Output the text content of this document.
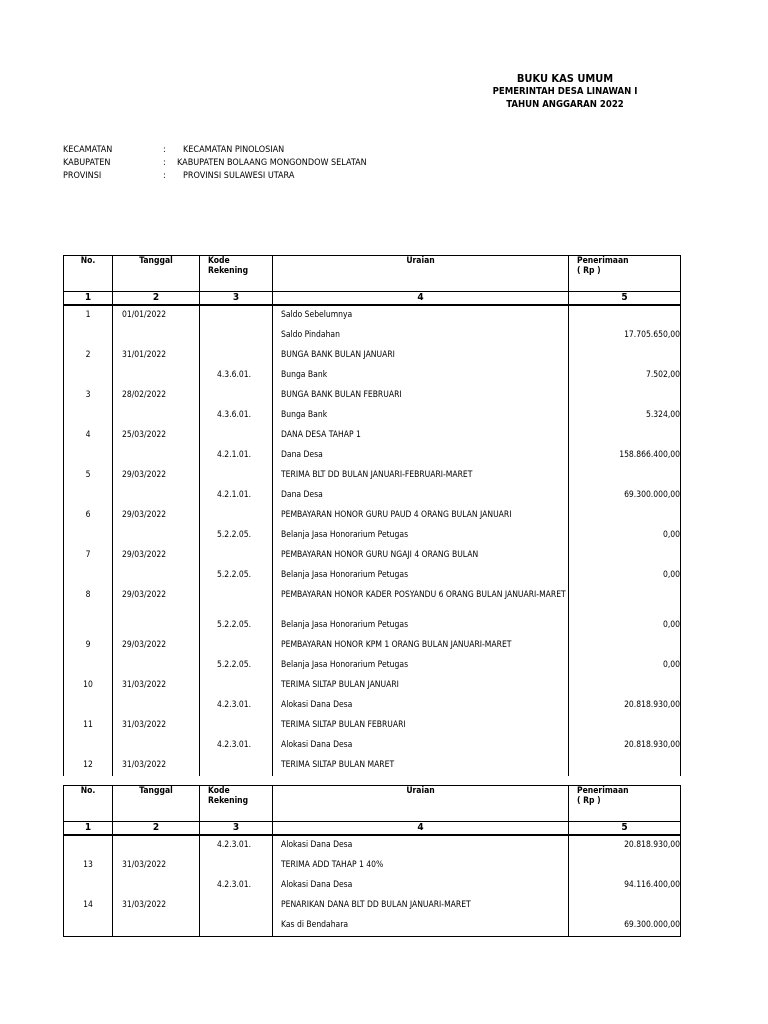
BUKU KAS UMUM
PEMERINTAH DESA LINAWAN I
TAHUN ANGGARAN 2022
KECAMATAN	: KECAMATAN PINOLOSIAN
KABUPATEN	: KABUPATEN BOLAANG MONGONDOW SELATAN
PROVINSI	: PROVINSI SULAWESI UTARA
No.	Tanggal	Kode
Rekening	Uraian	Penerimaan
( Rp )
1	2	3	4	5
1	01/01/2022		Saldo Sebelumnya	
			Saldo Pindahan	17.705.650,00
2	31/01/2022		BUNGA BANK BULAN JANUARI	
		4.3.6.01.	Bunga Bank	7.502,00
3	28/02/2022		BUNGA BANK BULAN FEBRUARI	
		4.3.6.01.	Bunga Bank	5.324,00
4	25/03/2022		DANA DESA TAHAP 1	
		4.2.1.01.	Dana Desa	158.866.400,00
5	29/03/2022		TERIMA BLT DD BULAN JANUARI-FEBRUARI-MARET	
		4.2.1.01.	Dana Desa	69.300.000,00
6	29/03/2022		PEMBAYARAN HONOR GURU PAUD 4 ORANG BULAN JANUARI	
		5.2.2.05.	Belanja Jasa Honorarium Petugas	0,00
7	29/03/2022		PEMBAYARAN HONOR GURU NGAJI 4 ORANG BULAN	
		5.2.2.05.	Belanja Jasa Honorarium Petugas	0,00
8	29/03/2022		PEMBAYARAN HONOR KADER POSYANDU 6 ORANG BULAN JANUARI-MARET	
		5.2.2.05.	Belanja Jasa Honorarium Petugas	0,00
9	29/03/2022		PEMBAYARAN HONOR KPM 1 ORANG BULAN JANUARI-MARET	
		5.2.2.05.	Belanja Jasa Honorarium Petugas	0,00
10	31/03/2022		TERIMA SILTAP BULAN JANUARI	
		4.2.3.01.	Alokasi Dana Desa	20.818.930,00
11	31/03/2022		TERIMA SILTAP BULAN FEBRUARI	
		4.2.3.01.	Alokasi Dana Desa	20.818.930,00
12	31/03/2022		TERIMA SILTAP BULAN MARET	
No.	Tanggal	Kode
Rekening	Uraian	Penerimaan
( Rp )
1	2	3	4	5
		4.2.3.01.	Alokasi Dana Desa	20.818.930,00
13	31/03/2022		TERIMA ADD TAHAP 1 40%	
		4.2.3.01.	Alokasi Dana Desa	94.116.400,00
14	31/03/2022		PENARIKAN DANA BLT DD BULAN JANUARI-MARET	
			Kas di Bendahara	69.300.000,00
